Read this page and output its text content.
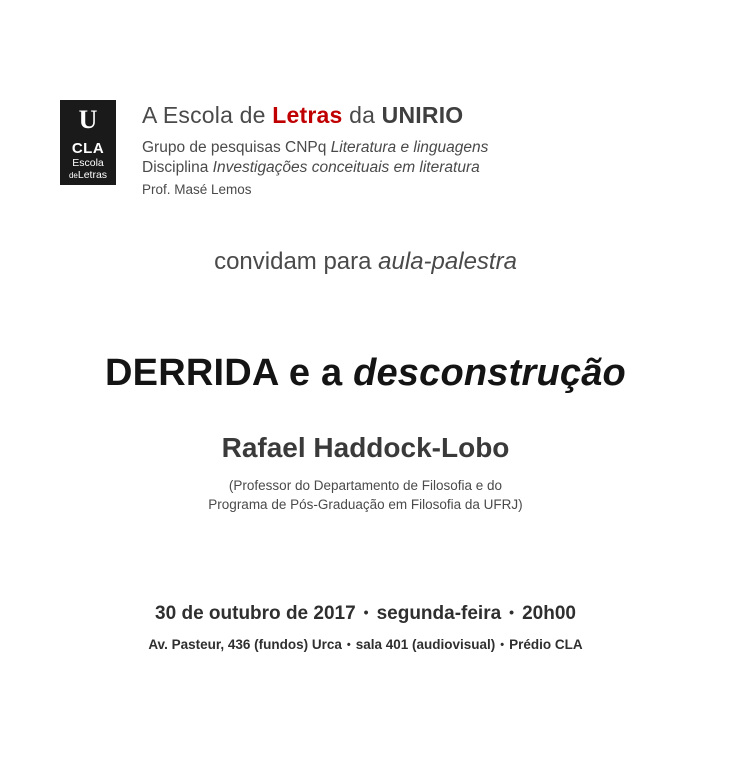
U
CLA
Escola
deLetras
A Escola de Letras da UNIRIO
Grupo de pesquisas CNPq Literatura e linguagens
Disciplina Investigações conceituais em literatura
Prof. Masé Lemos
convidam para aula-palestra
DERRIDA e a desconstrução
Rafael Haddock-Lobo
(Professor do Departamento de Filosofia e do
Programa de Pós-Graduação em Filosofia da UFRJ)
30 de outubro de 2017 • segunda-feira • 20h00
Av. Pasteur, 436 (fundos) Urca • sala 401 (audiovisual) • Prédio CLA
